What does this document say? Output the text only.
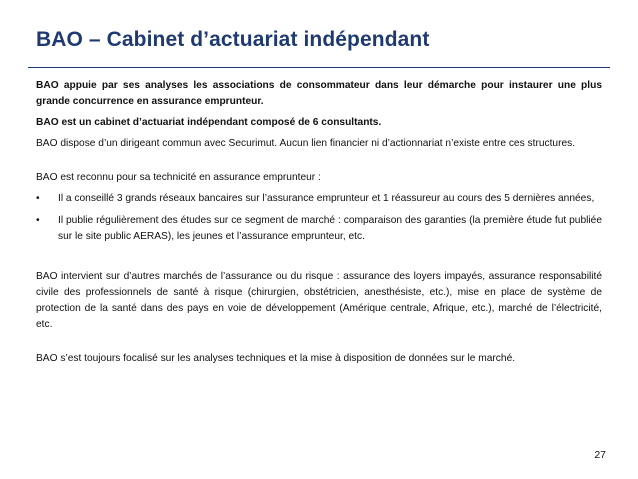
BAO – Cabinet d’actuariat indépendant

BAO appuie par ses analyses les associations de consommateur dans leur démarche pour instaurer une plus grande concurrence en assurance emprunteur.

BAO est un cabinet d’actuariat indépendant composé de 6 consultants.

BAO dispose d’un dirigeant commun avec Securimut. Aucun lien financier ni d’actionnariat n’existe entre ces structures.

BAO est reconnu pour sa technicité en assurance emprunteur :

•	Il a conseillé 3 grands réseaux bancaires sur l’assurance emprunteur et 1 réassureur au cours des 5 dernières années,
•	Il publie régulièrement des études sur ce segment de marché : comparaison des garanties (la première étude fut publiée sur le site public AERAS), les jeunes et l’assurance emprunteur, etc.

BAO intervient sur d’autres marchés de l’assurance ou du risque : assurance des loyers impayés, assurance responsabilité civile des professionnels de santé à risque (chirurgien, obstétricien, anesthésiste, etc.), mise en place de système de protection de la santé dans des pays en voie de développement (Amérique centrale, Afrique, etc.), marché de l’électricité, etc.

BAO s’est toujours focalisé sur les analyses techniques et la mise à disposition de données sur le marché.

27
